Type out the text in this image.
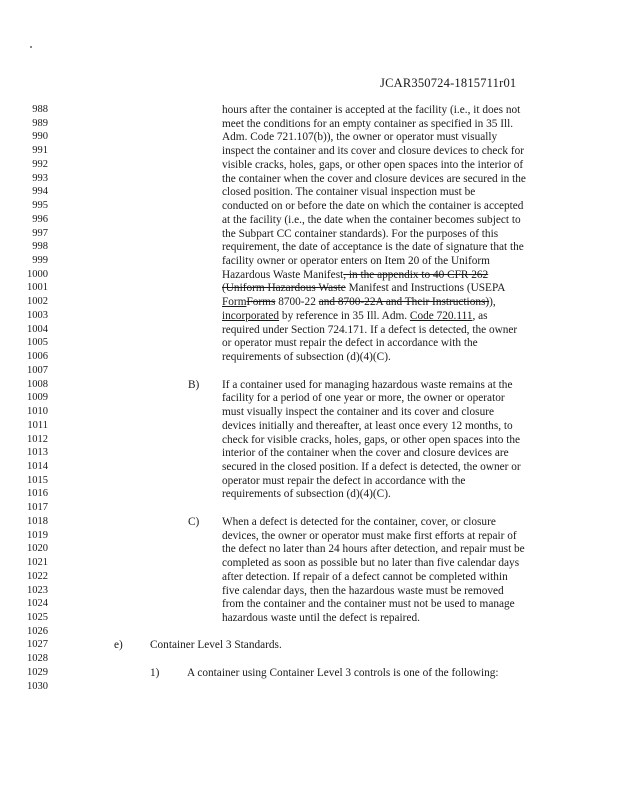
JCAR350724-1815711r01
988	hours after the container is accepted at the facility (i.e., it does not
989	meet the conditions for an empty container as specified in 35 Ill.
990	Adm. Code 721.107(b)), the owner or operator must visually
991	inspect the container and its cover and closure devices to check for
992	visible cracks, holes, gaps, or other open spaces into the interior of
993	the container when the cover and closure devices are secured in the
994	closed position. The container visual inspection must be
995	conducted on or before the date on which the container is accepted
996	at the facility (i.e., the date when the container becomes subject to
997	the Subpart CC container standards). For the purposes of this
998	requirement, the date of acceptance is the date of signature that the
999	facility owner or operator enters on Item 20 of the Uniform
1000	Hazardous Waste Manifest, in the appendix to 40 CFR 262
1001	(Uniform Hazardous Waste Manifest and Instructions (USEPA
1002	FormForms 8700-22 and 8700-22A and Their Instructions)),
1003	incorporated by reference in 35 Ill. Adm. Code 720.111, as
1004	required under Section 724.171. If a defect is detected, the owner
1005	or operator must repair the defect in accordance with the
1006	requirements of subsection (d)(4)(C).
1007
1008	B) If a container used for managing hazardous waste remains at the
1009	facility for a period of one year or more, the owner or operator
1010	must visually inspect the container and its cover and closure
1011	devices initially and thereafter, at least once every 12 months, to
1012	check for visible cracks, holes, gaps, or other open spaces into the
1013	interior of the container when the cover and closure devices are
1014	secured in the closed position. If a defect is detected, the owner or
1015	operator must repair the defect in accordance with the
1016	requirements of subsection (d)(4)(C).
1017
1018	C) When a defect is detected for the container, cover, or closure
1019	devices, the owner or operator must make first efforts at repair of
1020	the defect no later than 24 hours after detection, and repair must be
1021	completed as soon as possible but no later than five calendar days
1022	after detection. If repair of a defect cannot be completed within
1023	five calendar days, then the hazardous waste must be removed
1024	from the container and the container must not be used to manage
1025	hazardous waste until the defect is repaired.
1026
1027	e) Container Level 3 Standards.
1028
1029	1) A container using Container Level 3 controls is one of the following:
1030
